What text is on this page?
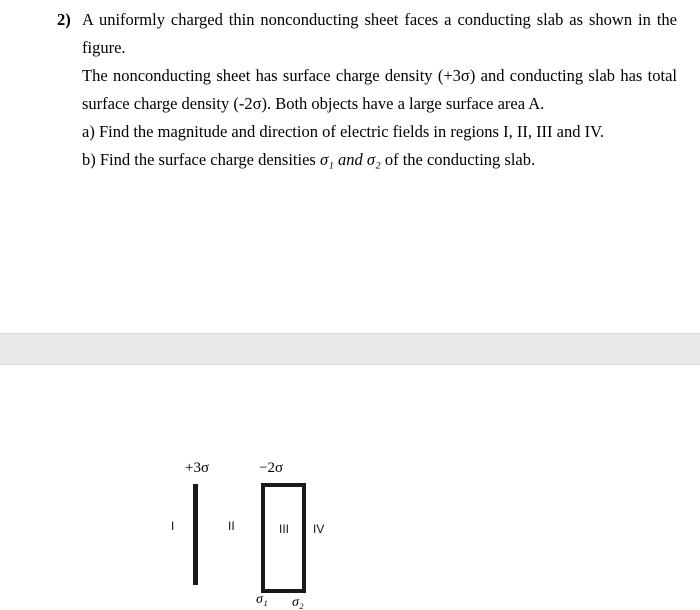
2) A uniformly charged thin nonconducting sheet faces a conducting slab as shown in the figure.
The nonconducting sheet has surface charge density (+3σ) and conducting slab has total
surface charge density (-2σ). Both objects have a large surface area A.
a) Find the magnitude and direction of electric fields in regions I, II, III and IV.
b) Find the surface charge densities σ₁ and σ₂ of the conducting slab.
+3σ	−2σ
I	II	III IV
σ₁ σ₂
